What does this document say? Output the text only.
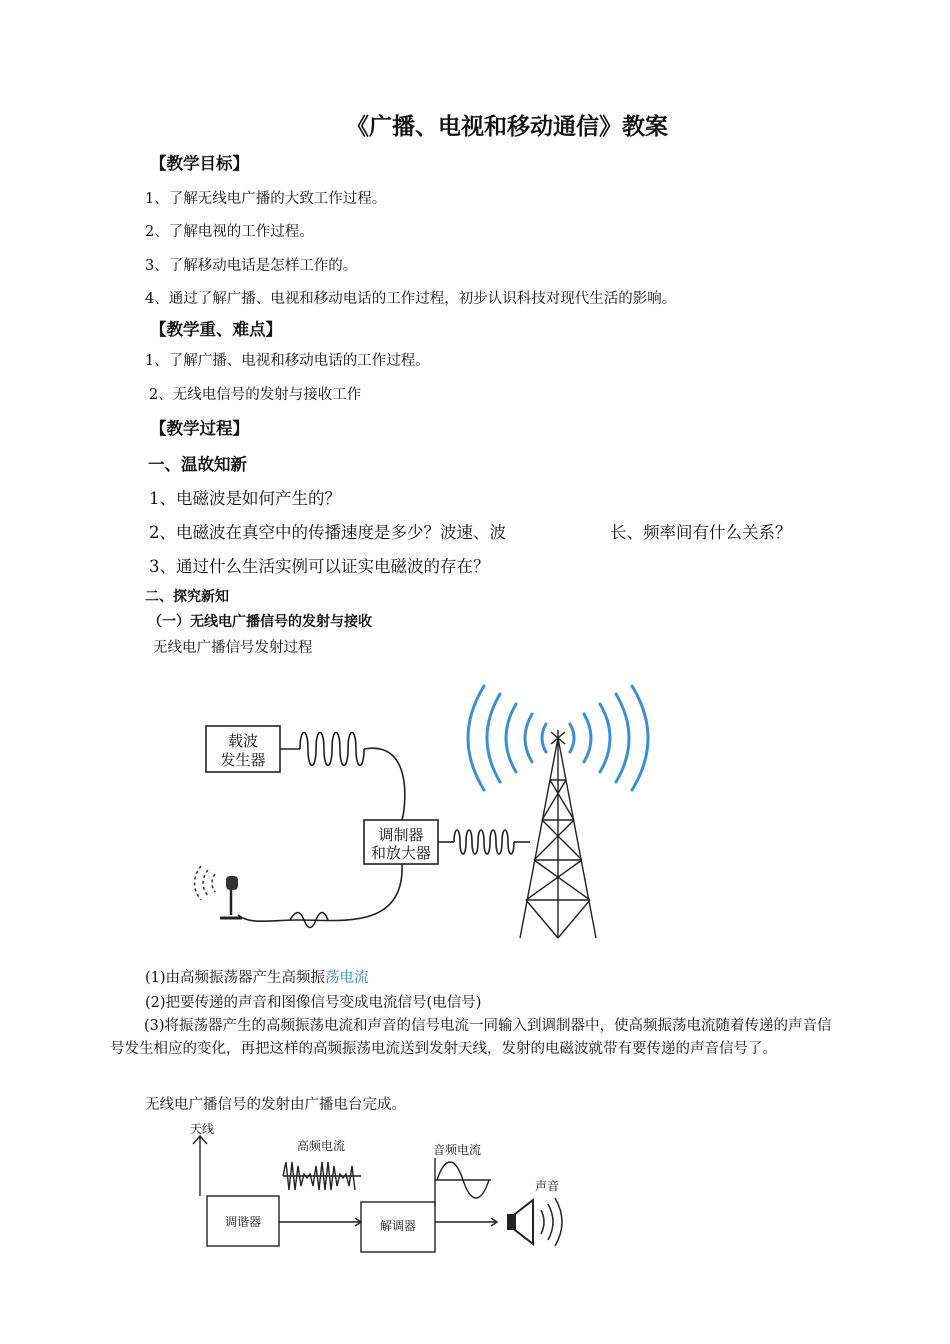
《广播、电视和移动通信》教案
【教学目标】
1、了解无线电广播的大致工作过程。
2、了解电视的工作过程。
3、了解移动电话是怎样工作的。
4、通过了解广播、电视和移动电话的工作过程，初步认识科技对现代生活的影响。
【教学重、难点】
1、了解广播、电视和移动电话的工作过程。
2、无线电信号的发射与接收工作
【教学过程】
一、温故知新
1、电磁波是如何产生的？
2、电磁波在真空中的传播速度是多少？波速、波	长、频率间有什么关系？
3、通过什么生活实例可以证实电磁波的存在？
二、探究新知
（一）无线电广播信号的发射与接收
无线电广播信号发射过程
载波
发生器
调制器
和放大器
(1)由高频振荡器产生高频振荡电流
(2)把要传递的声音和图像信号变成电流信号(电信号)
(3)将振荡器产生的高频振荡电流和声音的信号电流一同输入到调制器中，使高频振荡电流随着传递的声音信号发生相应的变化，再把这样的高频振荡电流送到发射天线，发射的电磁波就带有要传递的声音信号了。
无线电广播信号的发射由广播电台完成。
天线
高频电流	音频电流
调谐器	解调器
声音
